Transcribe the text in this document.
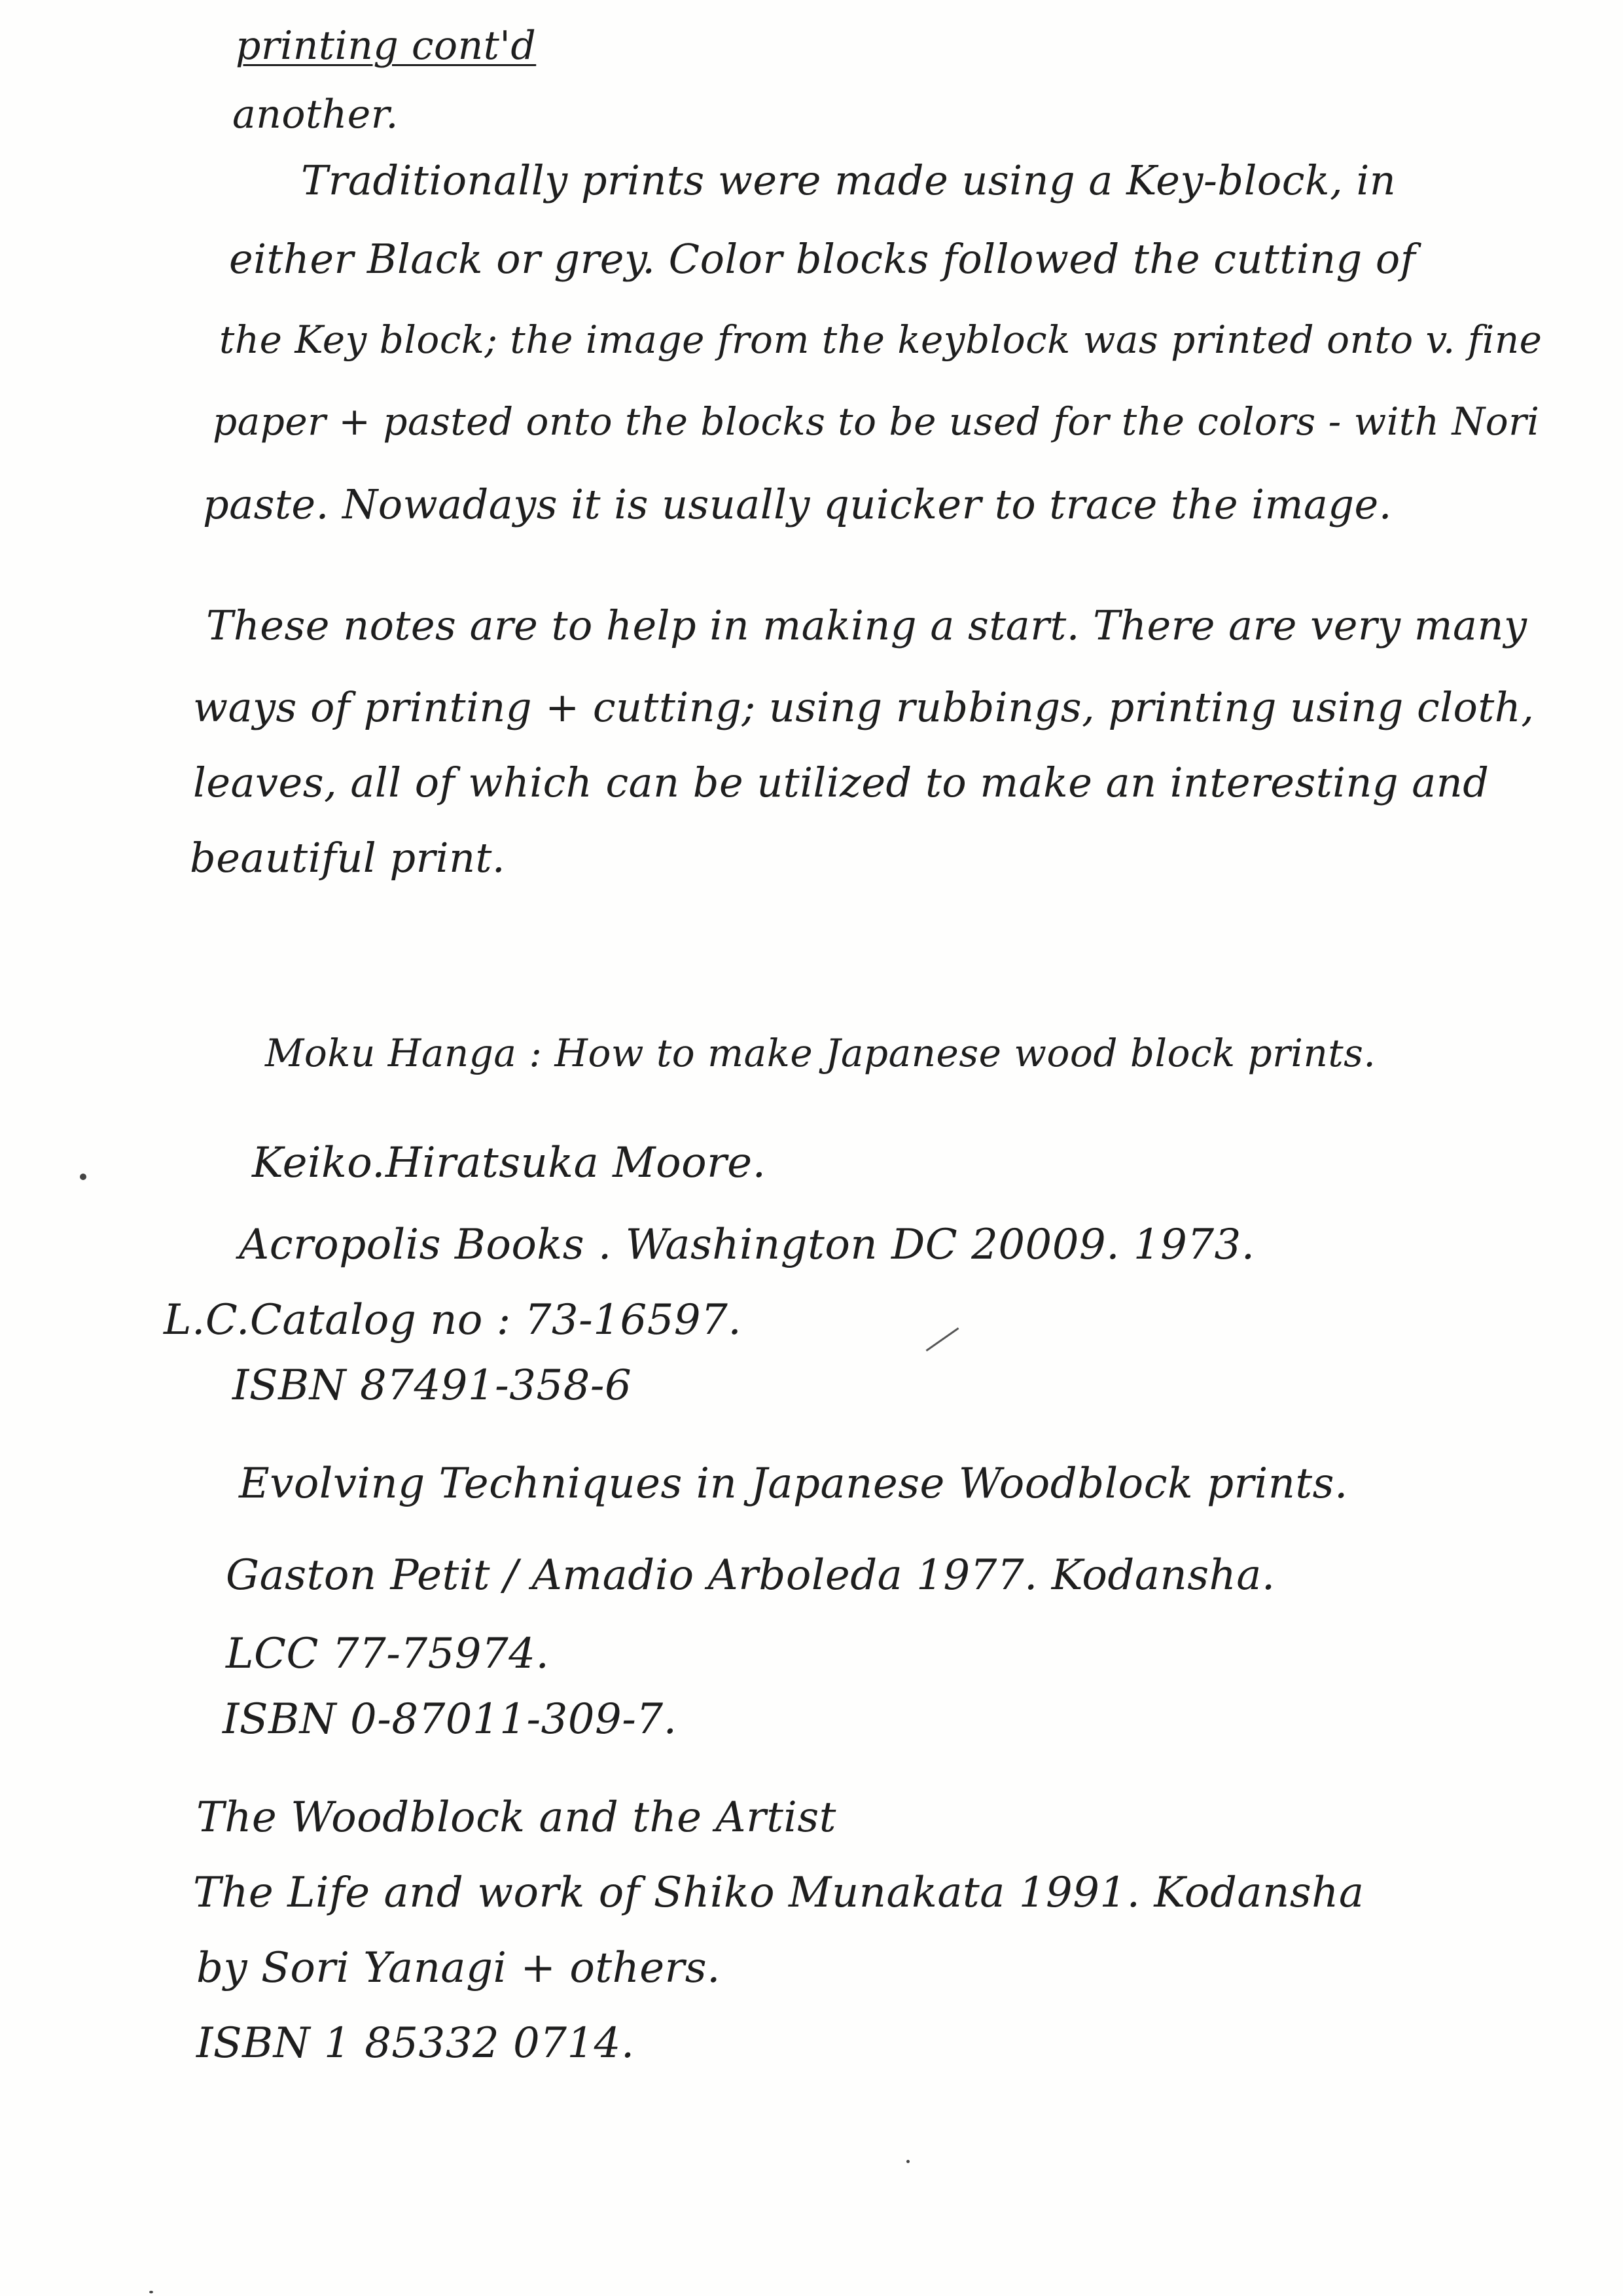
printing cont'd
another.
Traditionally prints were made using a Key-block, in
either Black or grey. Color blocks followed the cutting of
the Key block; the image from the keyblock was printed onto v. fine
paper + pasted onto the blocks to be used for the colors - with Nori
paste. Nowadays it is usually quicker to trace the image.
These notes are to help in making a start. There are very many
ways of printing + cutting; using rubbings, printing using cloth,
leaves, all of which can be utilized to make an interesting and
beautiful print.
Moku Hanga : How to make Japanese wood block prints.
Keiko.Hiratsuka Moore.
Acropolis Books . Washington DC 20009. 1973.
L.C.Catalog no : 73-16597.
ISBN 87491-358-6
Evolving Techniques in Japanese Woodblock prints.
Gaston Petit / Amadio Arboleda 1977. Kodansha.
LCC 77-75974.
ISBN 0-87011-309-7.
The Woodblock and the Artist
The Life and work of Shiko Munakata 1991. Kodansha
by Sori Yanagi + others.
ISBN 1 85332 0714.
